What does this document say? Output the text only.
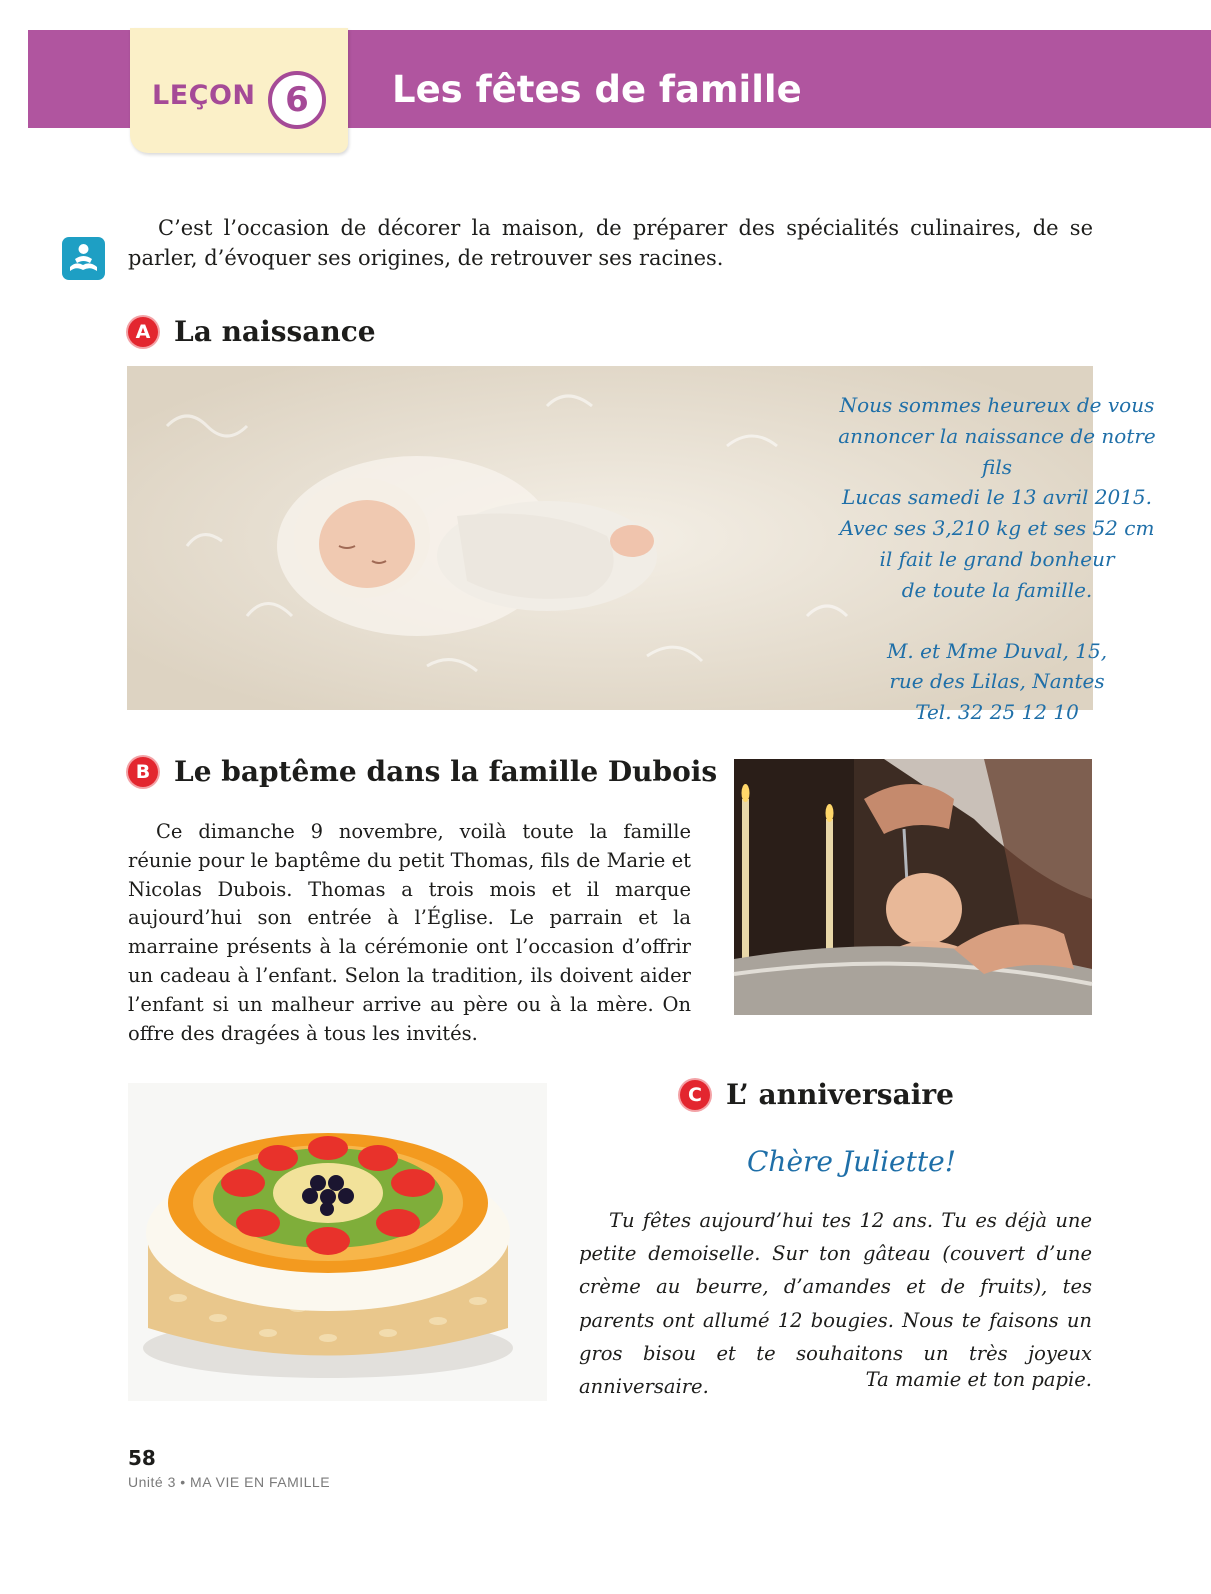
LEÇON 6	Les fêtes de famille
C’est l’occasion de décorer la maison, de préparer des spécialités culinaires, de se parler, d’évoquer ses origines, de retrouver ses racines.
A La naissance

Nous sommes heureux de vous

annoncer la naissance de notre fils

Lucas samedi le 13 avril 2015.

Avec ses 3,210 kg et ses 52 cm

il fait le grand bonheur

de toute la famille.

M. et Mme Duval, 15,

rue des Lilas, Nantes

Tel. 32 25 12 10

B Le baptême dans la famille Dubois
Ce dimanche 9 novembre, voilà toute la famille réunie pour le baptême du petit Thomas, fils de Marie et Nicolas Dubois. Thomas a trois mois et il marque aujourd’hui son entrée à l’Église. Le parrain et la marraine présents à la cérémonie ont l’occasion d’offrir un cadeau à l’enfant. Selon la tradition, ils doivent aider l’enfant si un malheur arrive au père ou à la mère. On offre des dragées à tous les invités.
C L’ anniversaire
Chère Juliette!
Tu fêtes aujourd’hui tes 12 ans. Tu es déjà une petite demoiselle. Sur ton gâteau (couvert d’une crème au beurre, d’amandes et de fruits), tes parents ont allumé 12 bougies. Nous te faisons un gros bisou et te souhaitons un très joyeux anniversaire.	Ta mamie et ton papie.
58
Unité 3 • MA VIE EN FAMILLE
